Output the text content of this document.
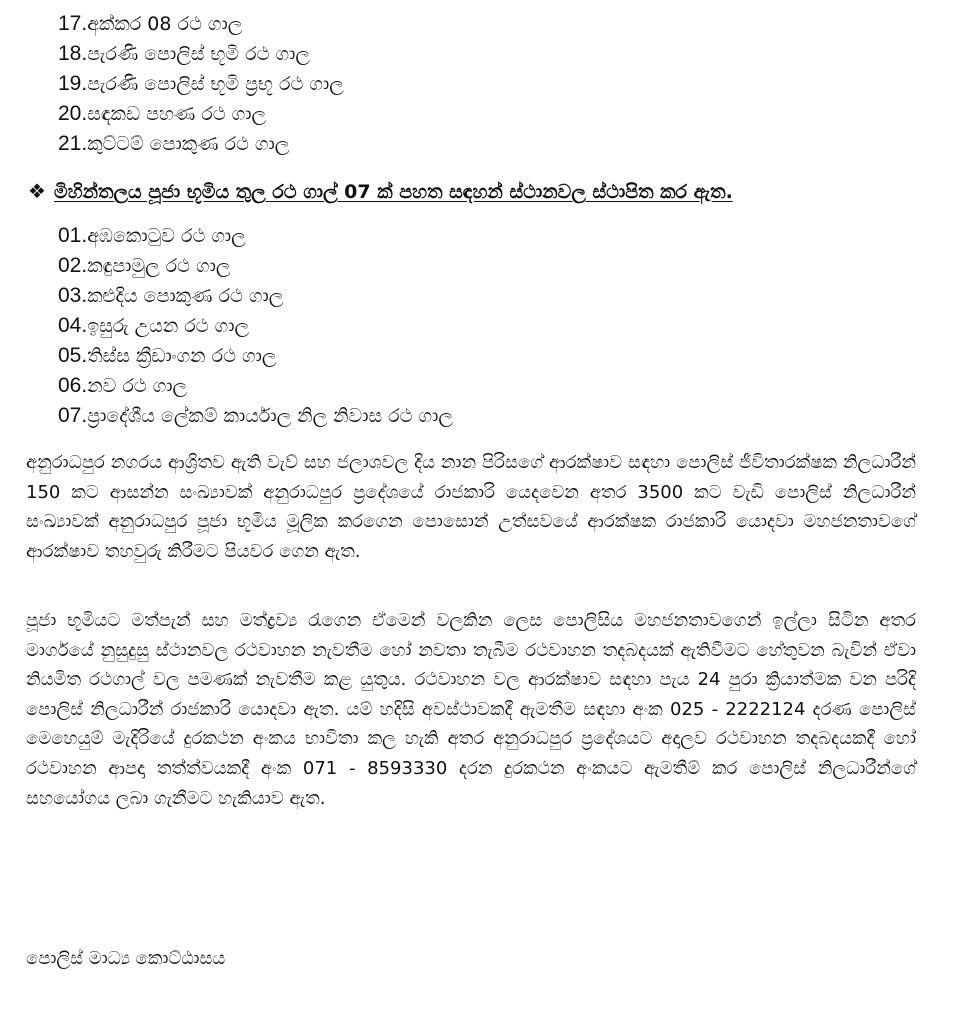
17.අක්කර 08 රථ ගාල
18.පැරණි පොලිස් භූමි රථ ගාල
19.පැරණි පොලිස් භූමි ප්‍රභූ රථ ගාල
20.සඳකඩ පහණ රථ ගාල
21.කුට්ටම් පොකුණ රථ ගාල
❖ මිහින්තලය පූජා භූමිය තුල රථ ගාල් 07 ක් පහත සඳහන් ස්ථානවල ස්ථාපිත කර ඇත.
01.අඹකොටුව රථ ගාල
02.කඳුපාමුල රථ ගාල
03.කළුදිය පොකුණ රථ ගාල
04.ඉසුරු උයන රථ ගාල
05.තිස්ස ක්‍රීඩාංගන රථ ගාල
06.නව රථ ගාල
07.ප්‍රාදේශීය ලේකම් කාර්යාල නිල නිවාස රථ ගාල

අනුරාධපුර නගරය ආශ්‍රිතව ඇති වැව් සහ ජලාශවල දිය නාන පිරිසගේ ආරක්ෂාව සඳහා පොලිස් ජීවිතාරක්ෂක නිලධාරීන් 150 කට ආසන්න සංඛ්‍යාවක් අනුරාධපුර ප්‍රදේශයේ රාජකාරි යෙදවෙන අතර 3500 කට වැඩි පොලිස් නිලධාරීන් සංඛ්‍යාවක් අනුරාධපුර පූජා භූමිය මූලික කරගෙන පොසොන් උත්සවයේ ආරක්ෂක රාජකාරි යොදවා මහජනතාවගේ ආරක්ෂාව තහවුරු කිරීමට පියවර ගෙන ඇත.

පූජා භූමියට මත්පැන් සහ මත්ද්‍රව්‍ය රැගෙන ඒමෙන් වලකින ලෙස පොලිසිය මහජනතාවගෙන් ඉල්ලා සිටින අතර මාර්ගයේ නුසුදුසු ස්ථානවල රථවාහන නැවතීම හෝ නවතා තැබීම රථවාහන තදබදයක් ඇතිවීමට හේතුවන බැවින් ඒවා නියමිත රථගාල් වල පමණක් නැවතීම කළ යුතුය. රථවාහන වල ආරක්ෂාව සඳහා පැය 24 පුරා ක්‍රියාත්මක වන පරිදි පොලිස් නිලධාරීන් රාජකාරි යොදවා ඇත. යම් හදිසි අවස්ථාවකදී ඇමතීම සඳහා අංක 025 - 2222124 දරණ පොලිස් මෙහෙයුම් මැදිරියේ දුරකථන අංකය භාවිතා කල හැකි අතර අනුරාධපුර ප්‍රදේශයට අදාලව රථවාහන තදබදයකදී හෝ රථවාහන ආපදා තත්ත්වයකදී අංක 071 - 8593330 දරන දුරකථන අංකයට ඇමතීම් කර පොලිස් නිලධාරීන්ගේ සහයෝගය ලබා ගැනීමට හැකියාව ඇත.

පොලිස් මාධ්‍ය කොට්ඨාසය
